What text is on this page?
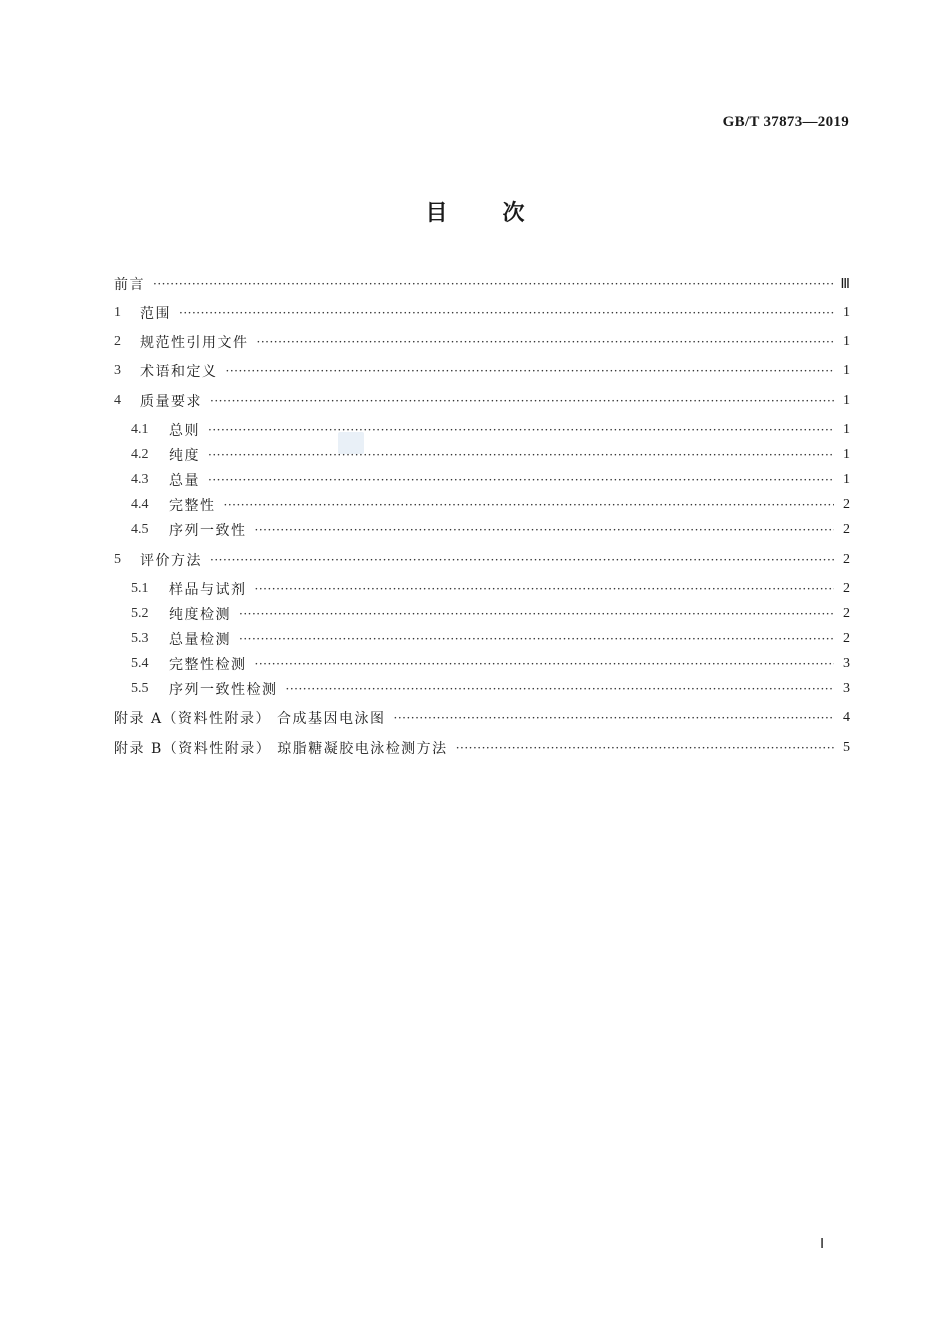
GB/T 37873—2019
目次
前言 ·····	Ⅲ
1	范围 ·····	1
2	规范性引用文件 ·····	1
3	术语和定义 ·····	1
4	质量要求 ·····	1
4.1	总则 ·····	1
4.2	纯度 ·····	1
4.3	总量 ·····	1
4.4	完整性 ·····	2
4.5	序列一致性 ·····	2
5	评价方法 ·····	2
5.1	样品与试剂 ·····	2
5.2	纯度检测 ·····	2
5.3	总量检测 ·····	2
5.4	完整性检测 ·····	3
5.5	序列一致性检测 ·····	3
附录 A（资料性附录） 合成基因电泳图 ·····	4
附录 B（资料性附录） 琼脂糖凝胶电泳检测方法 ·····	5
Ⅰ
